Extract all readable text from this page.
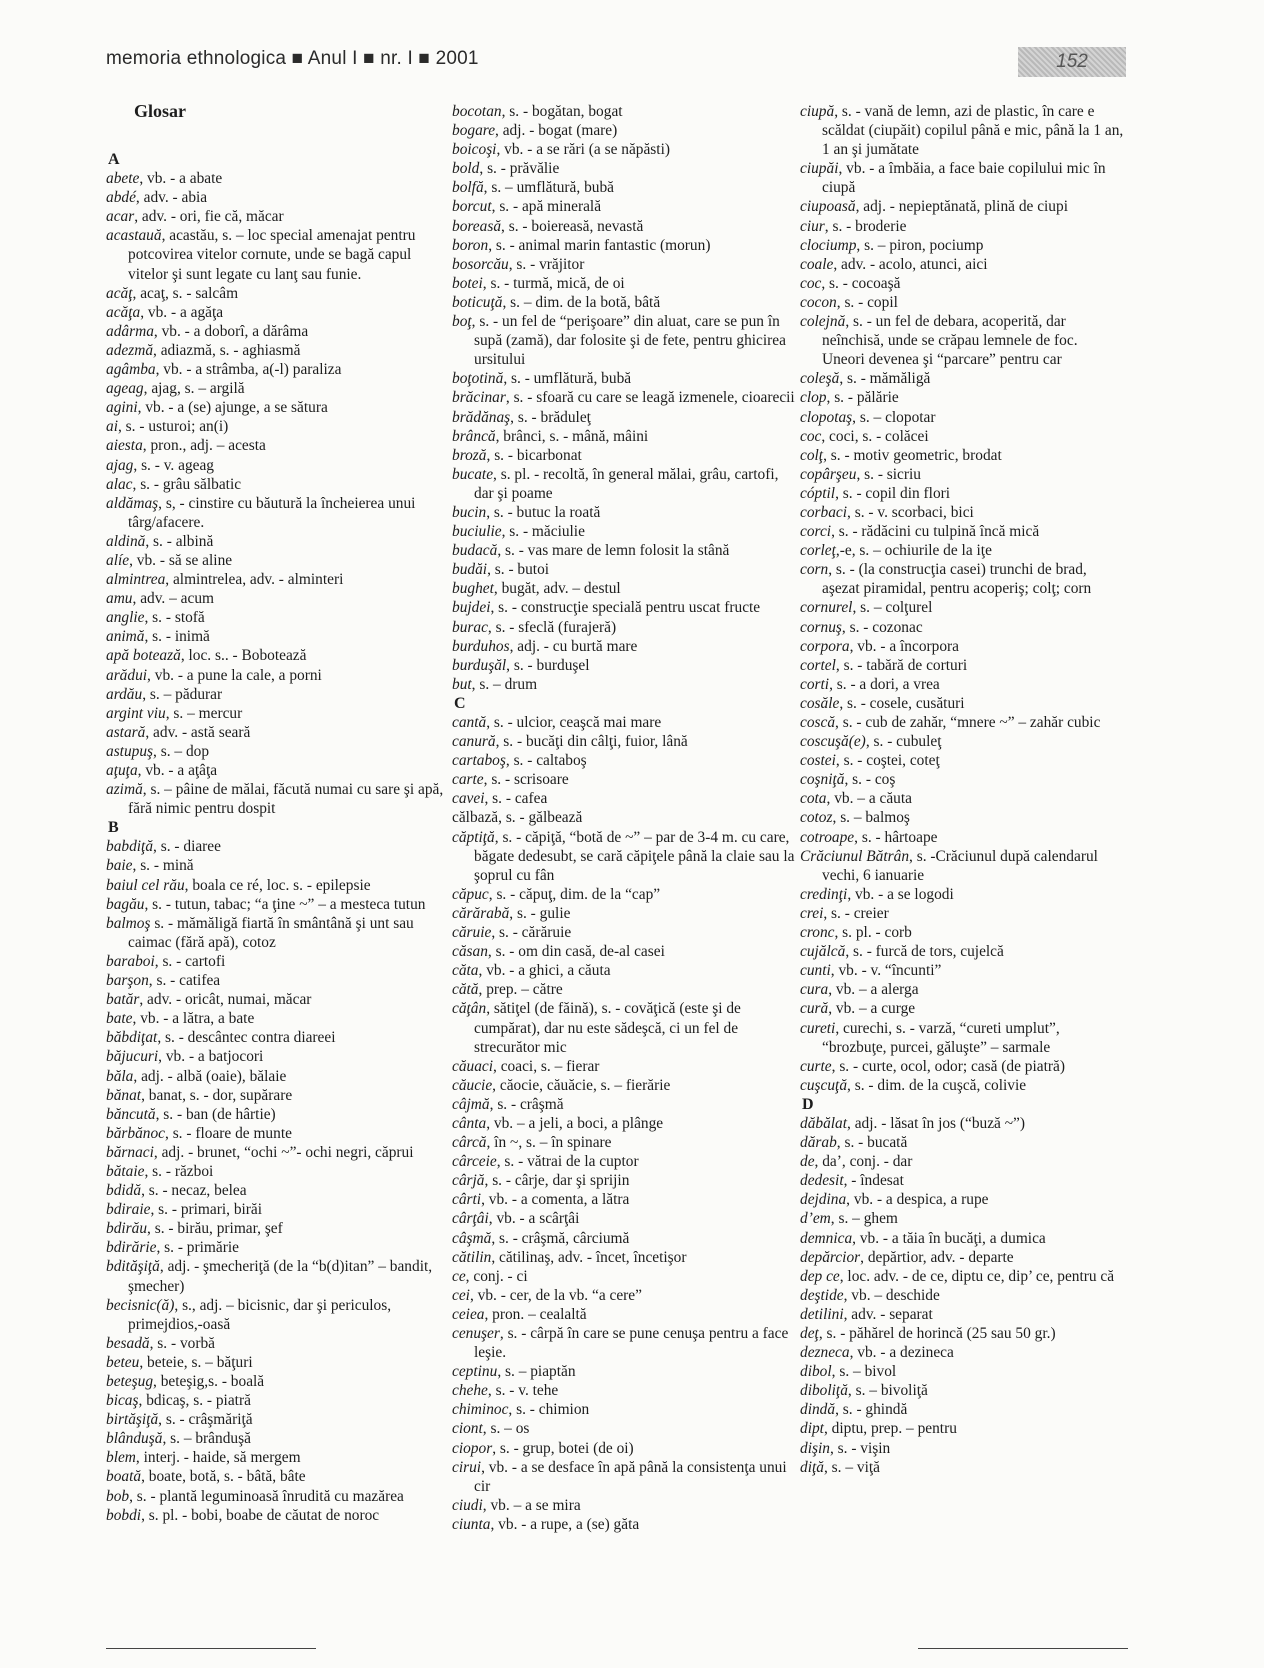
memoria ethnologica ■ Anul I ■ nr. I ■ 2001	152
Glosar
A
abete, vb. - a abate
abdé, adv. - abia
acar, adv. - ori, fie că, măcar
acastauă, acastău, s. – loc special amenajat pentru potcovirea vitelor cornute, unde se bagă capul vitelor şi sunt legate cu lanţ sau funie.
acăţ, acaţ, s. - salcâm
acăţa, vb. - a agăţa
adârma, vb. - a doborî, a dărâma
adezmă, adiazmă, s. - aghiasmă
agâmba, vb. - a strâmba, a(-l) paraliza
ageag, ajag, s. – argilă
agini, vb. - a (se) ajunge, a se sătura
ai, s. - usturoi; an(i)
aiesta, pron., adj. – acesta
ajag, s. - v. ageag
alac, s. - grâu sălbatic
aldămaş, s, - cinstire cu băutură la încheierea unui târg/afacere.
aldină, s. - albină
alíe, vb. - să se aline
almintrea, almintrelea, adv. - alminteri
amu, adv. – acum
anglie, s. - stofă
animă, s. - inimă
apă botează, loc. s.. - Bobotează
arădui, vb. - a pune la cale, a porni
ardău, s. – pădurar
argint viu, s. – mercur
astară, adv. - astă seară
astupuş, s. – dop
aţuţa, vb. - a aţâţa
azimă, s. – pâine de mălai, făcută numai cu sare şi apă, fără nimic pentru dospit
B
babdiţă, s. - diaree
baie, s. - mină
baiul cel rău, boala ce ré, loc. s. - epilepsie
bagău, s. - tutun, tabac; “a ţine ~” – a mesteca tutun
balmoş s. - mămăligă fiartă în smântână şi unt sau caimac (fără apă), cotoz
baraboi, s. - cartofi
barşon, s. - catifea
batăr, adv. - oricât, numai, măcar
bate, vb. - a lătra, a bate
băbdiţat, s. - descântec contra diareei
băjucuri, vb. - a batjocori
băla, adj. - albă (oaie), bălaie
bănat, banat, s. - dor, supărare
băncută, s. - ban (de hârtie)
bărbănoc, s. - floare de munte
bărnaci, adj. - brunet, “ochi ~”- ochi negri, căprui
bătaie, s. - război
bdidă, s. - necaz, belea
bdiraie, s. - primari, birăi
bdirău, s. - birău, primar, şef
bdirărie, s. - primărie
bdităşiţă, adj. - şmecheriţă (de la “b(d)itan” – bandit, şmecher)
becisnic(ă), s., adj. – bicisnic, dar şi periculos, primejdios,-oasă
besadă, s. - vorbă
beteu, beteie, s. – băţuri
beteşug, beteşig,s. - boală
bicaş, bdicaş, s. - piatră
birtăşiţă, s. - crâşmăriţă
blânduşă, s. – brânduşă
blem, interj. - haide, să mergem
boată, boate, botă, s. - bâtă, bâte
bob, s. - plantă leguminoasă înrudită cu mazărea
bobdi, s. pl. - bobi, boabe de căutat de noroc
bocotan, s. - bogătan, bogat
bogare, adj. - bogat (mare)
boicoşi, vb. - a se rări (a se năpăsti)
bold, s. - prăvălie
bolfă, s. – umflătură, bubă
borcut, s. - apă minerală
boreasă, s. - boiereasă, nevastă
boron, s. - animal marin fantastic (morun)
bosorcău, s. - vrăjitor
botei, s. - turmă, mică, de oi
boticuţă, s. – dim. de la botă, bâtă
boţ, s. - un fel de “perişoare” din aluat, care se pun în supă (zamă), dar folosite şi de fete, pentru ghicirea ursitului
boţotină, s. - umflătură, bubă
brăcinar, s. - sfoară cu care se leagă izmenele, cioarecii
brădănaş, s. - brăduleţ
brâncă, brânci, s. - mână, mâini
broză, s. - bicarbonat
bucate, s. pl. - recoltă, în general mălai, grâu, cartofi, dar şi poame
bucin, s. - butuc la roată
buciulie, s. - măciulie
budacă, s. - vas mare de lemn folosit la stână
budăi, s. - butoi
bughet, bugăt, adv. – destul
bujdei, s. - construcţie specială pentru uscat fructe
burac, s. - sfeclă (furajeră)
burduhos, adj. - cu burtă mare
burduşăl, s. - burduşel
but, s. – drum
C
cantă, s. - ulcior, ceaşcă mai mare
canură, s. - bucăţi din câlţi, fuior, lână
cartaboş, s. - caltaboş
carte, s. - scrisoare
cavei, s. - cafea
călbază, s. - gălbează
căptiţă, s. - căpiţă, “botă de ~” – par de 3-4 m. cu care, băgate dedesubt, se cară căpiţele până la claie sau la şoprul cu fân
căpuc, s. - căpuţ, dim. de la “cap”
cărărabă, s. - gulie
căruie, s. - cărăruie
căsan, s. - om din casă, de-al casei
căta, vb. - a ghici, a căuta
cătă, prep. – către
căţân, sătiţel (de făină), s. - covăţică (este şi de cumpărat), dar nu este sădeşcă, ci un fel de strecurător mic
căuaci, coaci, s. – fierar
căucie, căocie, căuăcie, s. – fierărie
câjmă, s. - crâşmă
cânta, vb. – a jeli, a boci, a plânge
cârcă, în ~, s. – în spinare
cârceie, s. - vătrai de la cuptor
cârjă, s. - cârje, dar şi sprijin
cârti, vb. - a comenta, a lătra
cârţâi, vb. - a scârţâi
câşmă, s. - crâşmă, cârciumă
cătilin, cătilinaş, adv. - încet, încetişor
ce, conj. - ci
cei, vb. - cer, de la vb. “a cere”
ceiea, pron. – cealaltă
cenuşer, s. - cârpă în care se pune cenuşa pentru a face leşie.
ceptinu, s. – piaptăn
chehe, s. - v. tehe
chiminoc, s. - chimion
ciont, s. – os
ciopor, s. - grup, botei (de oi)
cirui, vb. - a se desface în apă până la consistenţa unui cir
ciudi, vb. – a se mira
ciunta, vb. - a rupe, a (se) găta
ciupă, s. - vană de lemn, azi de plastic, în care e scăldat (ciupăit) copilul până e mic, până la 1 an, 1 an şi jumătate
ciupăi, vb. - a îmbăia, a face baie copilului mic în ciupă
ciupoasă, adj. - nepieptănată, plină de ciupi
ciur, s. - broderie
clociump, s. – piron, pociump
coale, adv. - acolo, atunci, aici
coc, s. - cocoaşă
cocon, s. - copil
colejnă, s. - un fel de debara, acoperită, dar neînchisă, unde se crăpau lemnele de foc. Uneori devenea şi “parcare” pentru car
coleşă, s. - mămăligă
clop, s. - pălărie
clopotaş, s. – clopotar
coc, coci, s. - colăcei
colţ, s. - motiv geometric, brodat
copârşeu, s. - sicriu
cóptil, s. - copil din flori
corbaci, s. - v. scorbaci, bici
corci, s. - rădăcini cu tulpină încă mică
corleţ,-e, s. – ochiurile de la iţe
corn, s. - (la construcţia casei) trunchi de brad, aşezat piramidal, pentru acoperiş; colţ; corn
cornurel, s. – colţurel
cornuş, s. - cozonac
corpora, vb. - a încorpora
cortel, s. - tabără de corturi
corti, s. - a dori, a vrea
cosăle, s. - cosele, cusături
coscă, s. - cub de zahăr, “mnere ~” – zahăr cubic
coscuşă(e), s. - cubuleţ
costei, s. - coştei, coteţ
coşniţă, s. - coş
cota, vb. – a căuta
cotoz, s. – balmoş
cotroape, s. - hârtoape
Crăciunul Bătrân, s. -Crăciunul după calendarul vechi, 6 ianuarie
credinţi, vb. - a se logodi
crei, s. - creier
cronc, s. pl. - corb
cujălcă, s. - furcă de tors, cujelcă
cunti, vb. - v. “încunti”
cura, vb. – a alerga
cură, vb. – a curge
cureti, curechi, s. - varză, “cureti umplut”, “brozbuţe, purcei, găluşte” – sarmale
curte, s. - curte, ocol, odor; casă (de piatră)
cuşcuţă, s. - dim. de la cuşcă, colivie
D
dăbălat, adj. - lăsat în jos (“buză ~”)
dărab, s. - bucată
de, da’, conj. - dar
dedesit, - îndesat
dejdina, vb. - a despica, a rupe
d’em, s. – ghem
demnica, vb. - a tăia în bucăţi, a dumica
depărcior, depărtior, adv. - departe
dep ce, loc. adv. - de ce, diptu ce, dip’ ce, pentru că
deştide, vb. – deschide
detilini, adv. - separat
deţ, s. - păhărel de horincă (25 sau 50 gr.)
dezneca, vb. - a dezineca
dibol, s. – bivol
diboliţă, s. – bivoliţă
dindă, s. - ghindă
dipt, diptu, prep. – pentru
dişin, s. - vişin
diţă, s. – viţă
